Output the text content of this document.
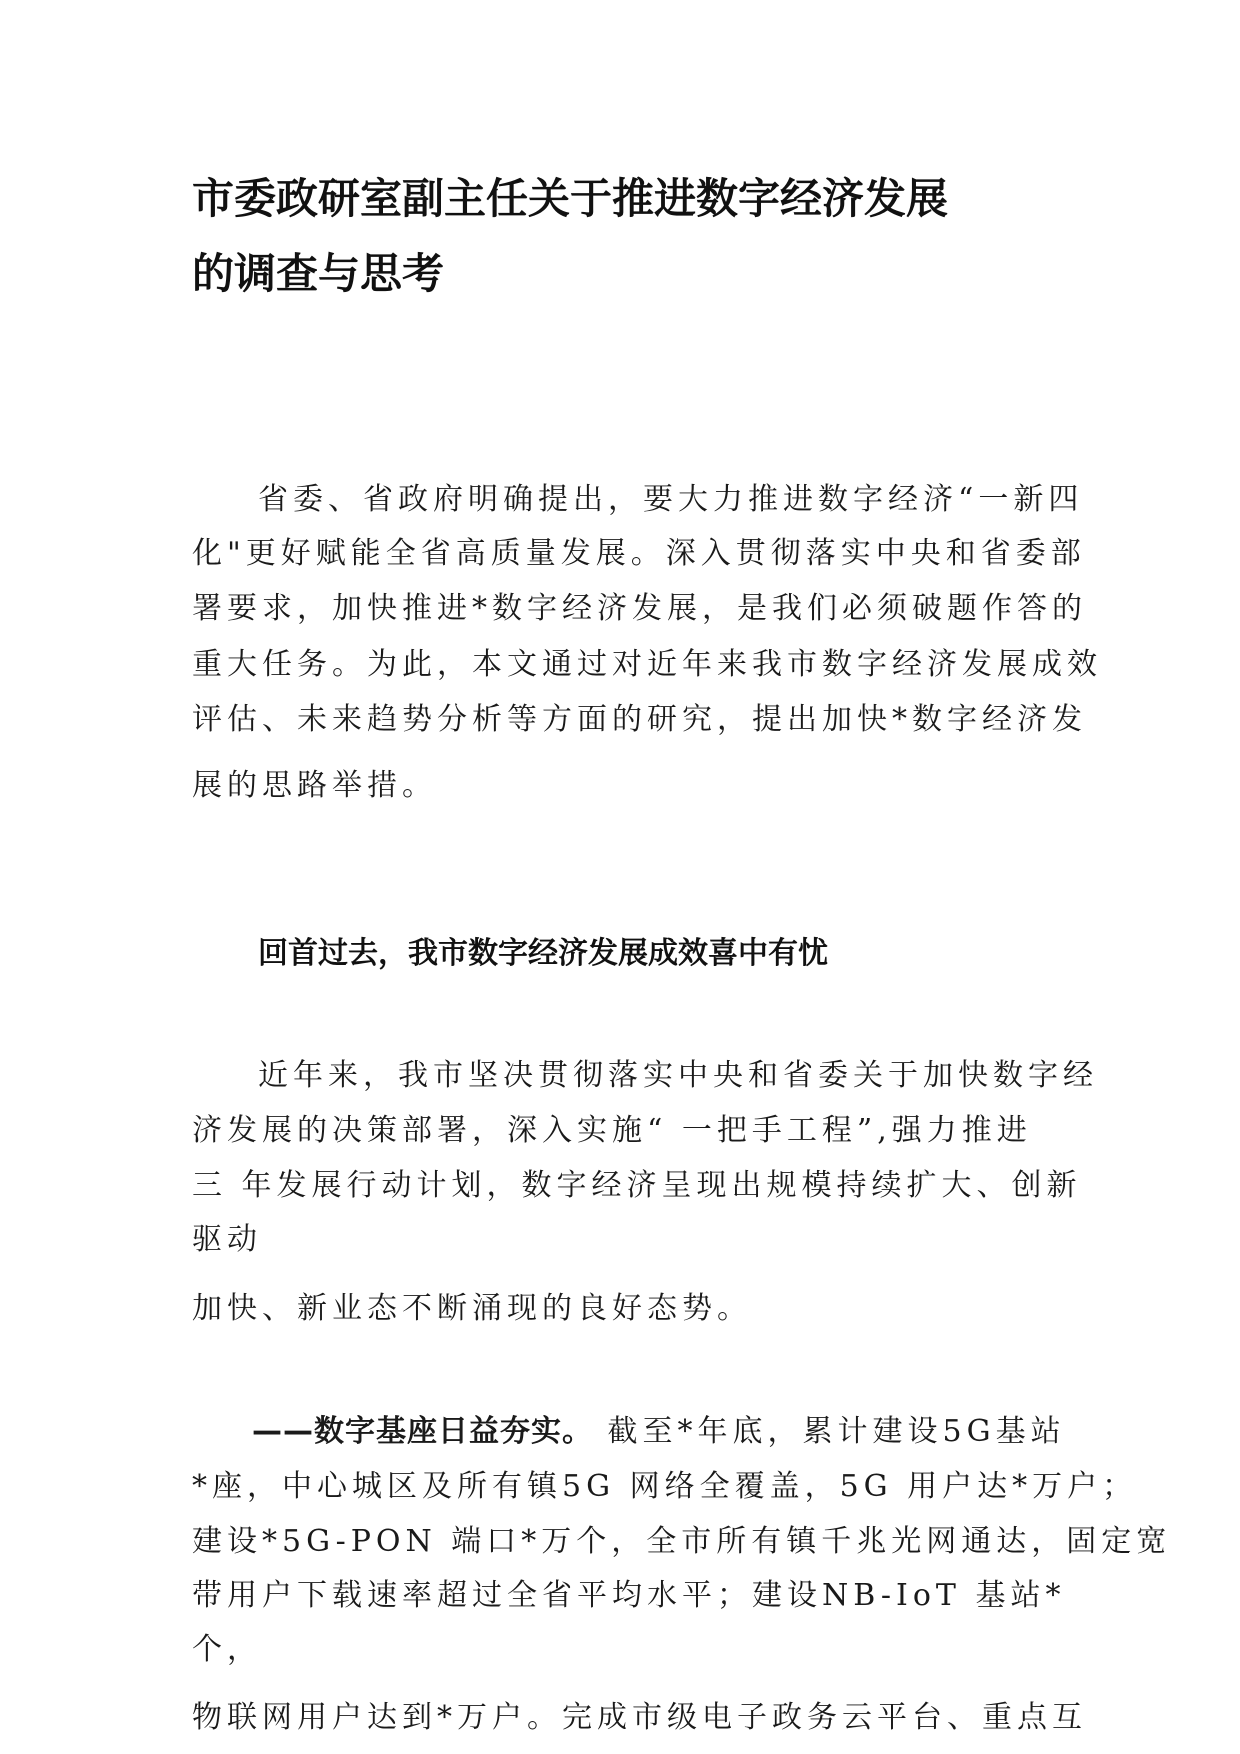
市委政研室副主任关于推进数字经济发展
的调查与思考

省委、省政府明确提出，要大力推进数字经济“一新四

化"更好赋能全省高质量发展。深入贯彻落实中央和省委部

署要求，加快推进*数字经济发展，是我们必须破题作答的

重大任务。为此，本文通过对近年来我市数字经济发展成效

评估、未来趋势分析等方面的研究，提出加快*数字经济发

展的思路举措。

回首过去，我市数字经济发展成效喜中有忧

近年来，我市坚决贯彻落实中央和省委关于加快数字经

济发展的决策部署，深入实施“ 一把手工程”,强力推进

三 年发展行动计划，数字经济呈现出规模持续扩大、创新

驱动

加快、新业态不断涌现的良好态势。

——数字基座日益夯实。 截至*年底，累计建设5G基站

*座，中心城区及所有镇5G 网络全覆盖，5G 用户达*万户；

建设*5G-PON 端口*万个，全市所有镇千兆光网通达，固定宽

带用户下载速率超过全省平均水平；建设NB-IoT 基站*

个，

物联网用户达到*万户。完成市级电子政务云平台、重点互
